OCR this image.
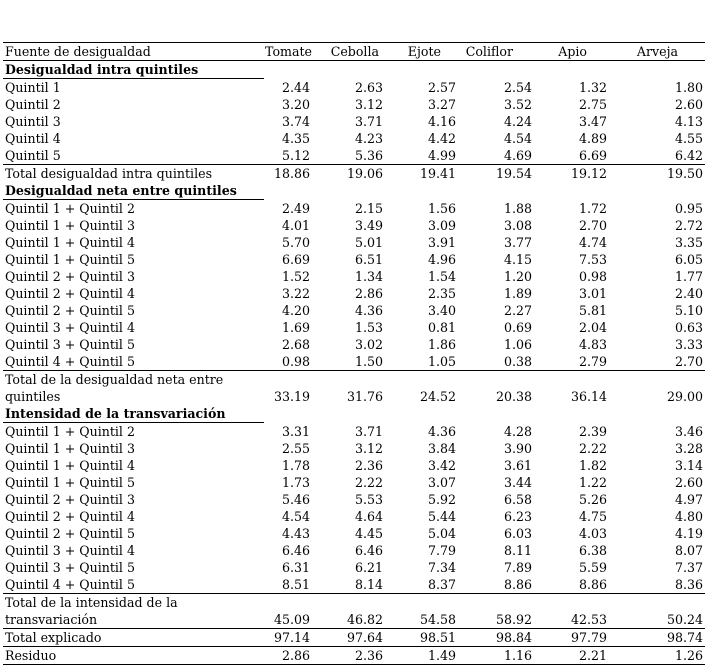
Fuente de desigualdad	Tomate	Cebolla	Ejote	Coliflor	Apio	Arveja
Desigualdad intra quintiles						
Quintil 1	2.44	2.63	2.57	2.54	1.32	1.80
Quintil 2	3.20	3.12	3.27	3.52	2.75	2.60
Quintil 3	3.74	3.71	4.16	4.24	3.47	4.13
Quintil 4	4.35	4.23	4.42	4.54	4.89	4.55
Quintil 5	5.12	5.36	4.99	4.69	6.69	6.42
Total desigualdad intra quintiles	18.86	19.06	19.41	19.54	19.12	19.50
Desigualdad neta entre quintiles						
Quintil 1 + Quintil 2	2.49	2.15	1.56	1.88	1.72	0.95
Quintil 1 + Quintil 3	4.01	3.49	3.09	3.08	2.70	2.72
Quintil 1 + Quintil 4	5.70	5.01	3.91	3.77	4.74	3.35
Quintil 1 + Quintil 5	6.69	6.51	4.96	4.15	7.53	6.05
Quintil 2 + Quintil 3	1.52	1.34	1.54	1.20	0.98	1.77
Quintil 2 + Quintil 4	3.22	2.86	2.35	1.89	3.01	2.40
Quintil 2 + Quintil 5	4.20	4.36	3.40	2.27	5.81	5.10
Quintil 3 + Quintil 4	1.69	1.53	0.81	0.69	2.04	0.63
Quintil 3 + Quintil 5	2.68	3.02	1.86	1.06	4.83	3.33
Quintil 4 + Quintil 5	0.98	1.50	1.05	0.38	2.79	2.70
Total de la desigualdad neta entre						
quintiles	33.19	31.76	24.52	20.38	36.14	29.00
Intensidad de la transvariación						
Quintil 1 + Quintil 2	3.31	3.71	4.36	4.28	2.39	3.46
Quintil 1 + Quintil 3	2.55	3.12	3.84	3.90	2.22	3.28
Quintil 1 + Quintil 4	1.78	2.36	3.42	3.61	1.82	3.14
Quintil 1 + Quintil 5	1.73	2.22	3.07	3.44	1.22	2.60
Quintil 2 + Quintil 3	5.46	5.53	5.92	6.58	5.26	4.97
Quintil 2 + Quintil 4	4.54	4.64	5.44	6.23	4.75	4.80
Quintil 2 + Quintil 5	4.43	4.45	5.04	6.03	4.03	4.19
Quintil 3 + Quintil 4	6.46	6.46	7.79	8.11	6.38	8.07
Quintil 3 + Quintil 5	6.31	6.21	7.34	7.89	5.59	7.37
Quintil 4 + Quintil 5	8.51	8.14	8.37	8.86	8.86	8.36
Total de la intensidad de la						
transvariación	45.09	46.82	54.58	58.92	42.53	50.24
Total explicado	97.14	97.64	98.51	98.84	97.79	98.74
Residuo	2.86	2.36	1.49	1.16	2.21	1.26
